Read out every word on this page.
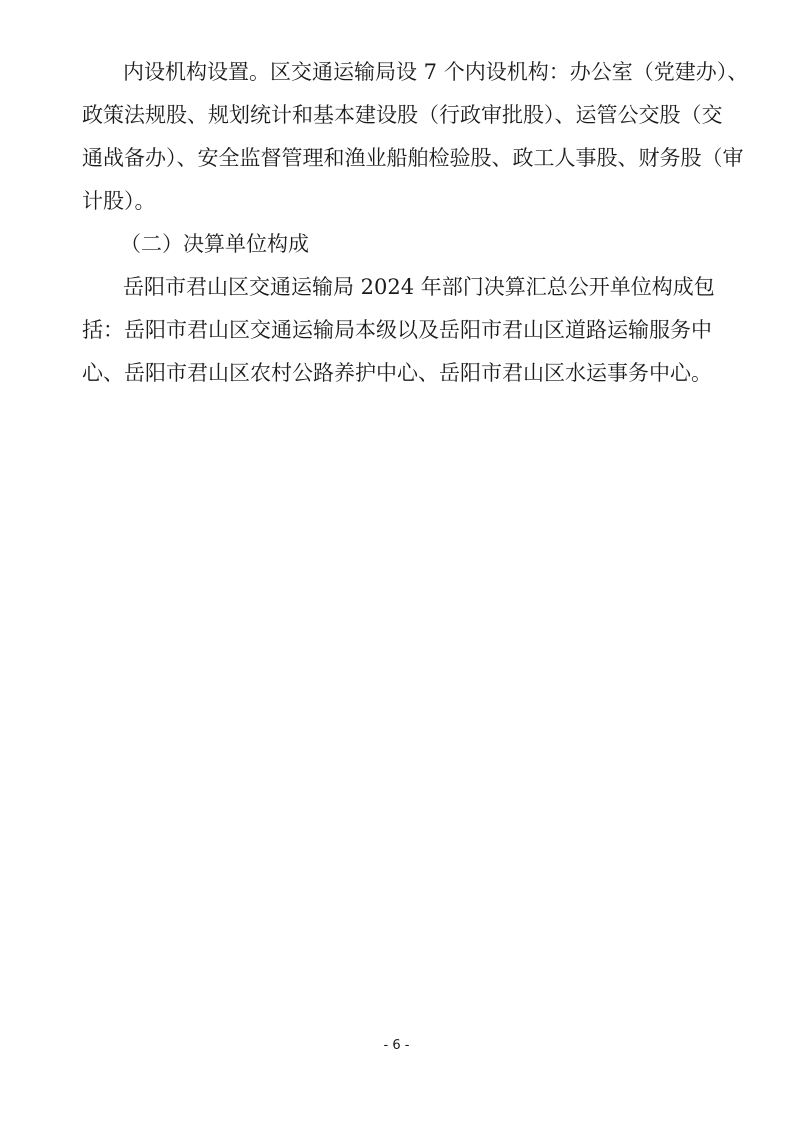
内设机构设置。区交通运输局设 7 个内设机构：办公室（党建办）、
政策法规股、规划统计和基本建设股（行政审批股）、运管公交股（交
通战备办）、安全监督管理和渔业船舶检验股、政工人事股、财务股（审
计股）。
（二）决算单位构成
岳阳市君山区交通运输局 2024 年部门决算汇总公开单位构成包
括：岳阳市君山区交通运输局本级以及岳阳市君山区道路运输服务中
心、岳阳市君山区农村公路养护中心、岳阳市君山区水运事务中心。
- 6 -
